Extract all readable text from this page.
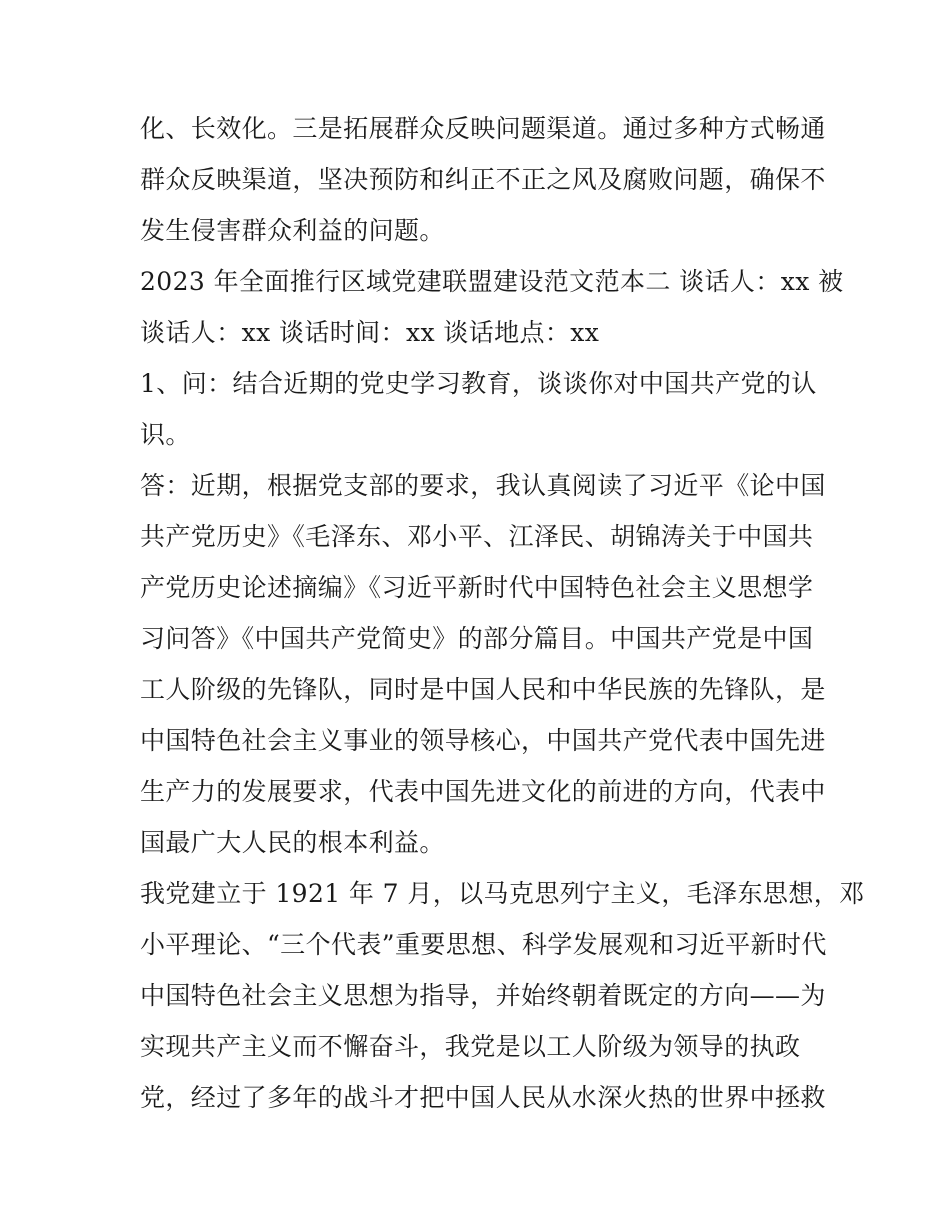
化、长效化。三是拓展群众反映问题渠道。通过多种方式畅通
群众反映渠道，坚决预防和纠正不正之风及腐败问题，确保不
发生侵害群众利益的问题。
2023 年全面推行区域党建联盟建设范文范本二 谈话人：xx 被
谈话人：xx 谈话时间：xx 谈话地点：xx
1、问：结合近期的党史学习教育，谈谈你对中国共产党的认
识。
答：近期，根据党支部的要求，我认真阅读了习近平《论中国
共产党历史》《毛泽东、邓小平、江泽民、胡锦涛关于中国共
产党历史论述摘编》《习近平新时代中国特色社会主义思想学
习问答》《中国共产党简史》的部分篇目。中国共产党是中国
工人阶级的先锋队，同时是中国人民和中华民族的先锋队，是
中国特色社会主义事业的领导核心，中国共产党代表中国先进
生产力的发展要求，代表中国先进文化的前进的方向，代表中
国最广大人民的根本利益。
我党建立于 1921 年 7 月，以马克思列宁主义，毛泽东思想，邓
小平理论、“三个代表”重要思想、科学发展观和习近平新时代
中国特色社会主义思想为指导，并始终朝着既定的方向——为
实现共产主义而不懈奋斗，我党是以工人阶级为领导的执政
党，经过了多年的战斗才把中国人民从水深火热的世界中拯救
